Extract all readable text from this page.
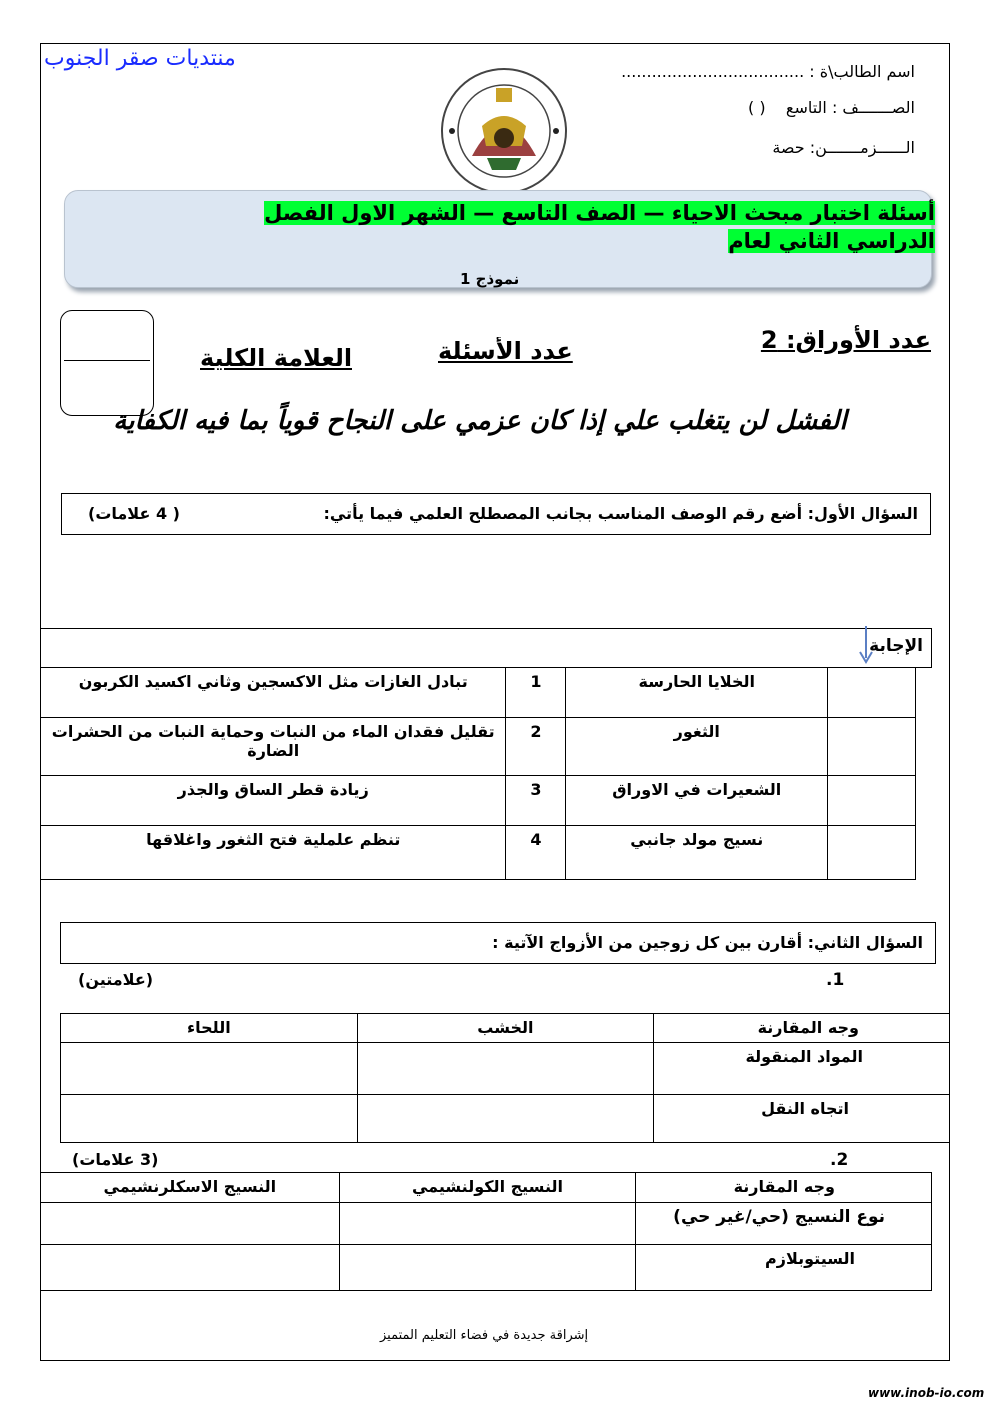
منتديات صقر الجنوب
اسم الطالب\ة : ....................................
الصـــــــف : التاسع    ( )
الــــــزمـــــــن: حصة
أسئلة اختبار مبحث الاحياء — الصف التاسع — الشهر الاول الفصل الدراسي الثاني لعام
نموذج 1
عدد الأوراق: 2
عدد الأسئلة
العلامة الكلية
الفشل لن يتغلب علي إذا كان عزمي على النجاح قوياً بما فيه الكفاية
السؤال الأول: أضع رقم الوصف المناسب بجانب المصطلح العلمي فيما يأتي:
( 4 علامات)
الإجابة
	الخلايا الحارسة	1	تبادل الغازات مثل الاكسجين وثاني اكسيد الكربون
	الثغور	2	تقليل فقدان الماء من النبات وحماية النبات من الحشرات الضارة
	الشعيرات في الاوراق	3	زيادة قطر الساق والجذر
	نسيج مولد جانبي	4	تنظم علملية فتح الثغور واغلاقها
السؤال الثاني: أقارن بين كل زوجين من الأزواج الآتية :
1.
(علامتين)
وجه المقارنة	الخشب	اللحاء
المواد المنقولة		
اتجاه النقل		
2.
(3 علامات)
وجه المقارنة	النسيج الكولنشيمي	النسيج الاسكلرنشيمي
نوع النسيج (حي/غير حي)		
السيتوبلازم		
إشراقة جديدة في فضاء التعليم المتميز
www.inob-io.com
